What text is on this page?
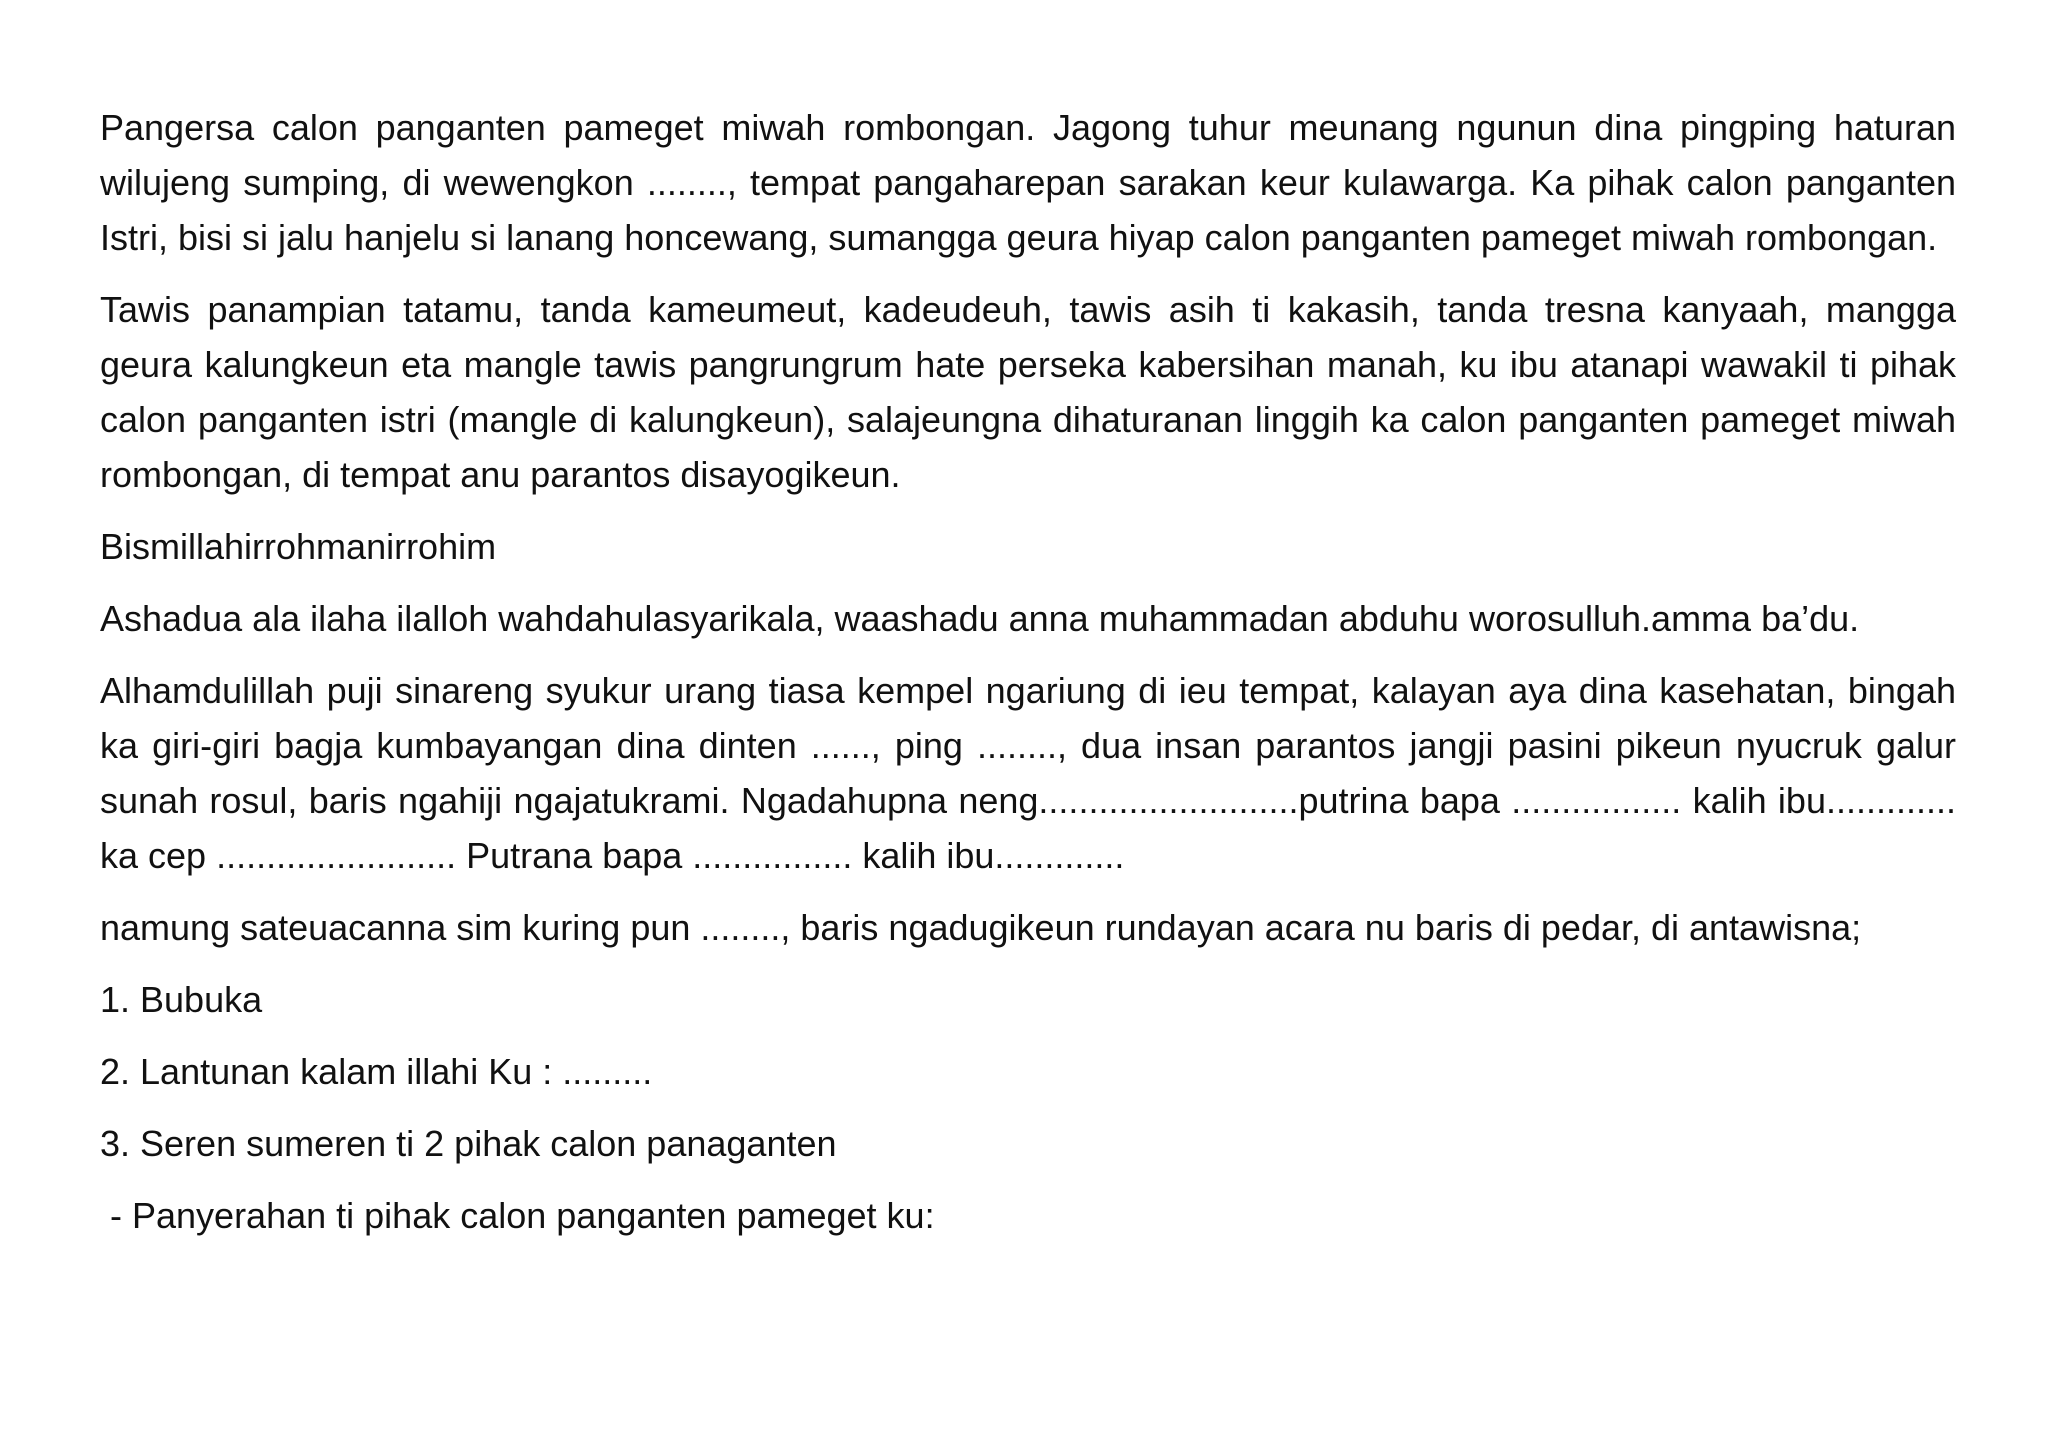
Pangersa calon panganten pameget miwah rombongan. Jagong tuhur meunang ngunun dina pingping haturan wilujeng sumping, di wewengkon ........, tempat pangaharepan sarakan keur kulawarga. Ka pihak calon panganten Istri, bisi si jalu hanjelu si lanang honcewang, sumangga geura hiyap calon panganten pameget miwah rombongan.

Tawis panampian tatamu, tanda kameumeut, kadeudeuh, tawis asih ti kakasih, tanda tresna kanyaah, mangga geura kalungkeun eta mangle tawis pangrungrum hate perseka kabersihan manah, ku ibu atanapi wawakil ti pihak calon panganten istri (mangle di kalungkeun), salajeungna dihaturanan linggih ka calon panganten pameget miwah rombongan, di tempat anu parantos disayogikeun.

Bismillahirrohmanirrohim

Ashadua ala ilaha ilalloh wahdahulasyarikala, waashadu anna muhammadan abduhu worosulluh.amma ba’du.

Alhamdulillah puji sinareng syukur urang tiasa kempel ngariung di ieu tempat, kalayan aya dina kasehatan, bingah ka giri-giri bagja kumbayangan dina dinten ......, ping ........, dua insan parantos jangji pasini pikeun nyucruk galur sunah rosul, baris ngahiji ngajatukrami. Ngadahupna neng..........................putrina bapa ................. kalih ibu............. ka cep ........................ Putrana bapa ................ kalih ibu.............

namung sateuacanna sim kuring pun ........, baris ngadugikeun rundayan acara nu baris di pedar, di antawisna;

1. Bubuka

2. Lantunan kalam illahi Ku : .........

3. Seren sumeren ti 2 pihak calon panaganten

- Panyerahan ti pihak calon panganten pameget ku:
